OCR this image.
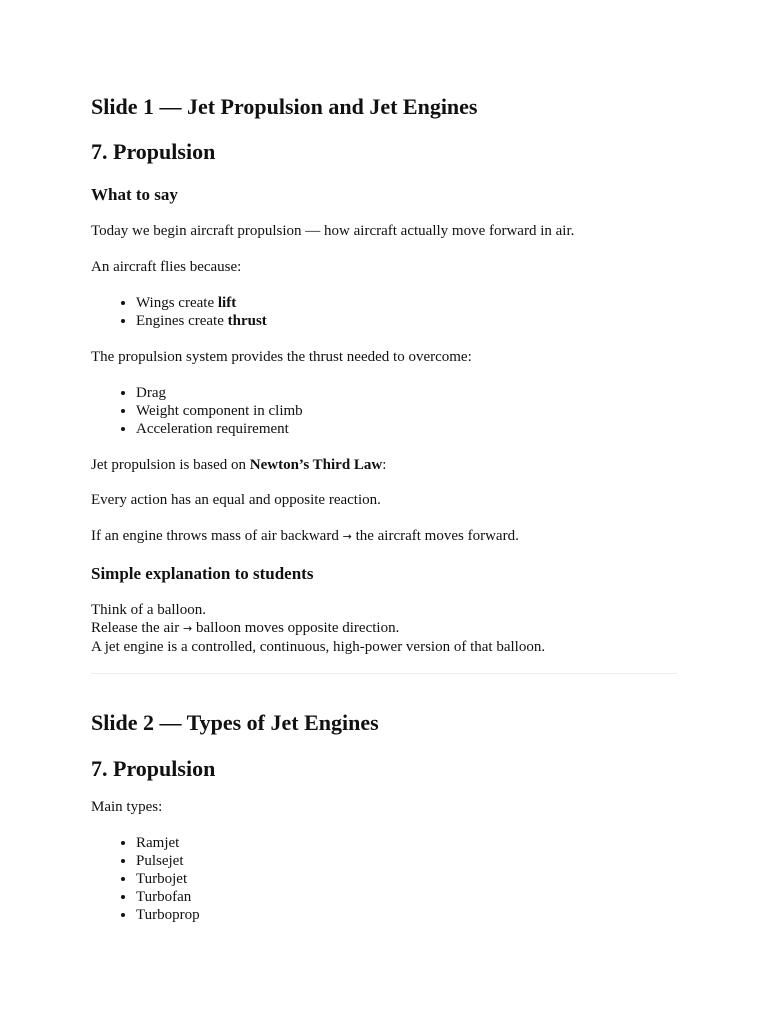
Slide 1 — Jet Propulsion and Jet Engines
7. Propulsion
What to say

Today we begin aircraft propulsion — how aircraft actually move forward in air.

An aircraft flies because:

• Wings create lift
• Engines create thrust

The propulsion system provides the thrust needed to overcome:

• Drag
• Weight component in climb
• Acceleration requirement

Jet propulsion is based on Newton’s Third Law:

Every action has an equal and opposite reaction.

If an engine throws mass of air backward → the aircraft moves forward.

Simple explanation to students

Think of a balloon.
Release the air → balloon moves opposite direction.
A jet engine is a controlled, continuous, high-power version of that balloon.

Slide 2 — Types of Jet Engines
7. Propulsion

Main types:

• Ramjet
• Pulsejet
• Turbojet
• Turbofan
• Turboprop
